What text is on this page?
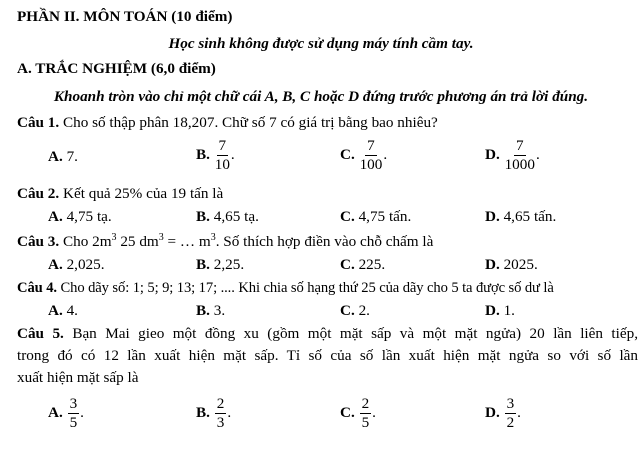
PHẦN II. MÔN TOÁN (10 điểm)
Học sinh không được sử dụng máy tính cầm tay.
A. TRẮC NGHIỆM (6,0 điểm)
Khoanh tròn vào chỉ một chữ cái A, B, C hoặc D đứng trước phương án trả lời đúng.
Câu 1. Cho số thập phân 18,207. Chữ số 7 có giá trị bằng bao nhiêu?
A. 7.	B. $\frac{7}{10}$ .	C. $\frac{7}{100}$ .	D. $\frac{7}{1000}$ .
Câu 2. Kết quả 25% của 19 tấn là
A. 4,75 tạ.	B. 4,65 tạ.	C. 4,75 tấn.	D. 4,65 tấn.
Câu 3. Cho $2m^3$ 25 $dm^3$ = … $m^3$. Số thích hợp điền vào chỗ chấm là
A. 2,025.	B. 2,25.	C. 225.	D. 2025.
Câu 4. Cho dãy số: 1; 5; 9; 13; 17; .... Khi chia số hạng thứ 25 của dãy cho 5 ta được số dư là
A. 4.	B. 3.	C. 2.	D. 1.
Câu 5. Bạn Mai gieo một đồng xu (gồm một mặt sấp và một mặt ngửa) 20 lần liên tiếp,
trong đó có 12 lần xuất hiện mặt sấp. Tỉ số của số lần xuất hiện mặt ngửa so với số lần
xuất hiện mặt sấp là
A. $\frac{3}{5}$ .	B. $\frac{2}{3}$ .	C. $\frac{2}{5}$ .	D. $\frac{3}{2}$ .
